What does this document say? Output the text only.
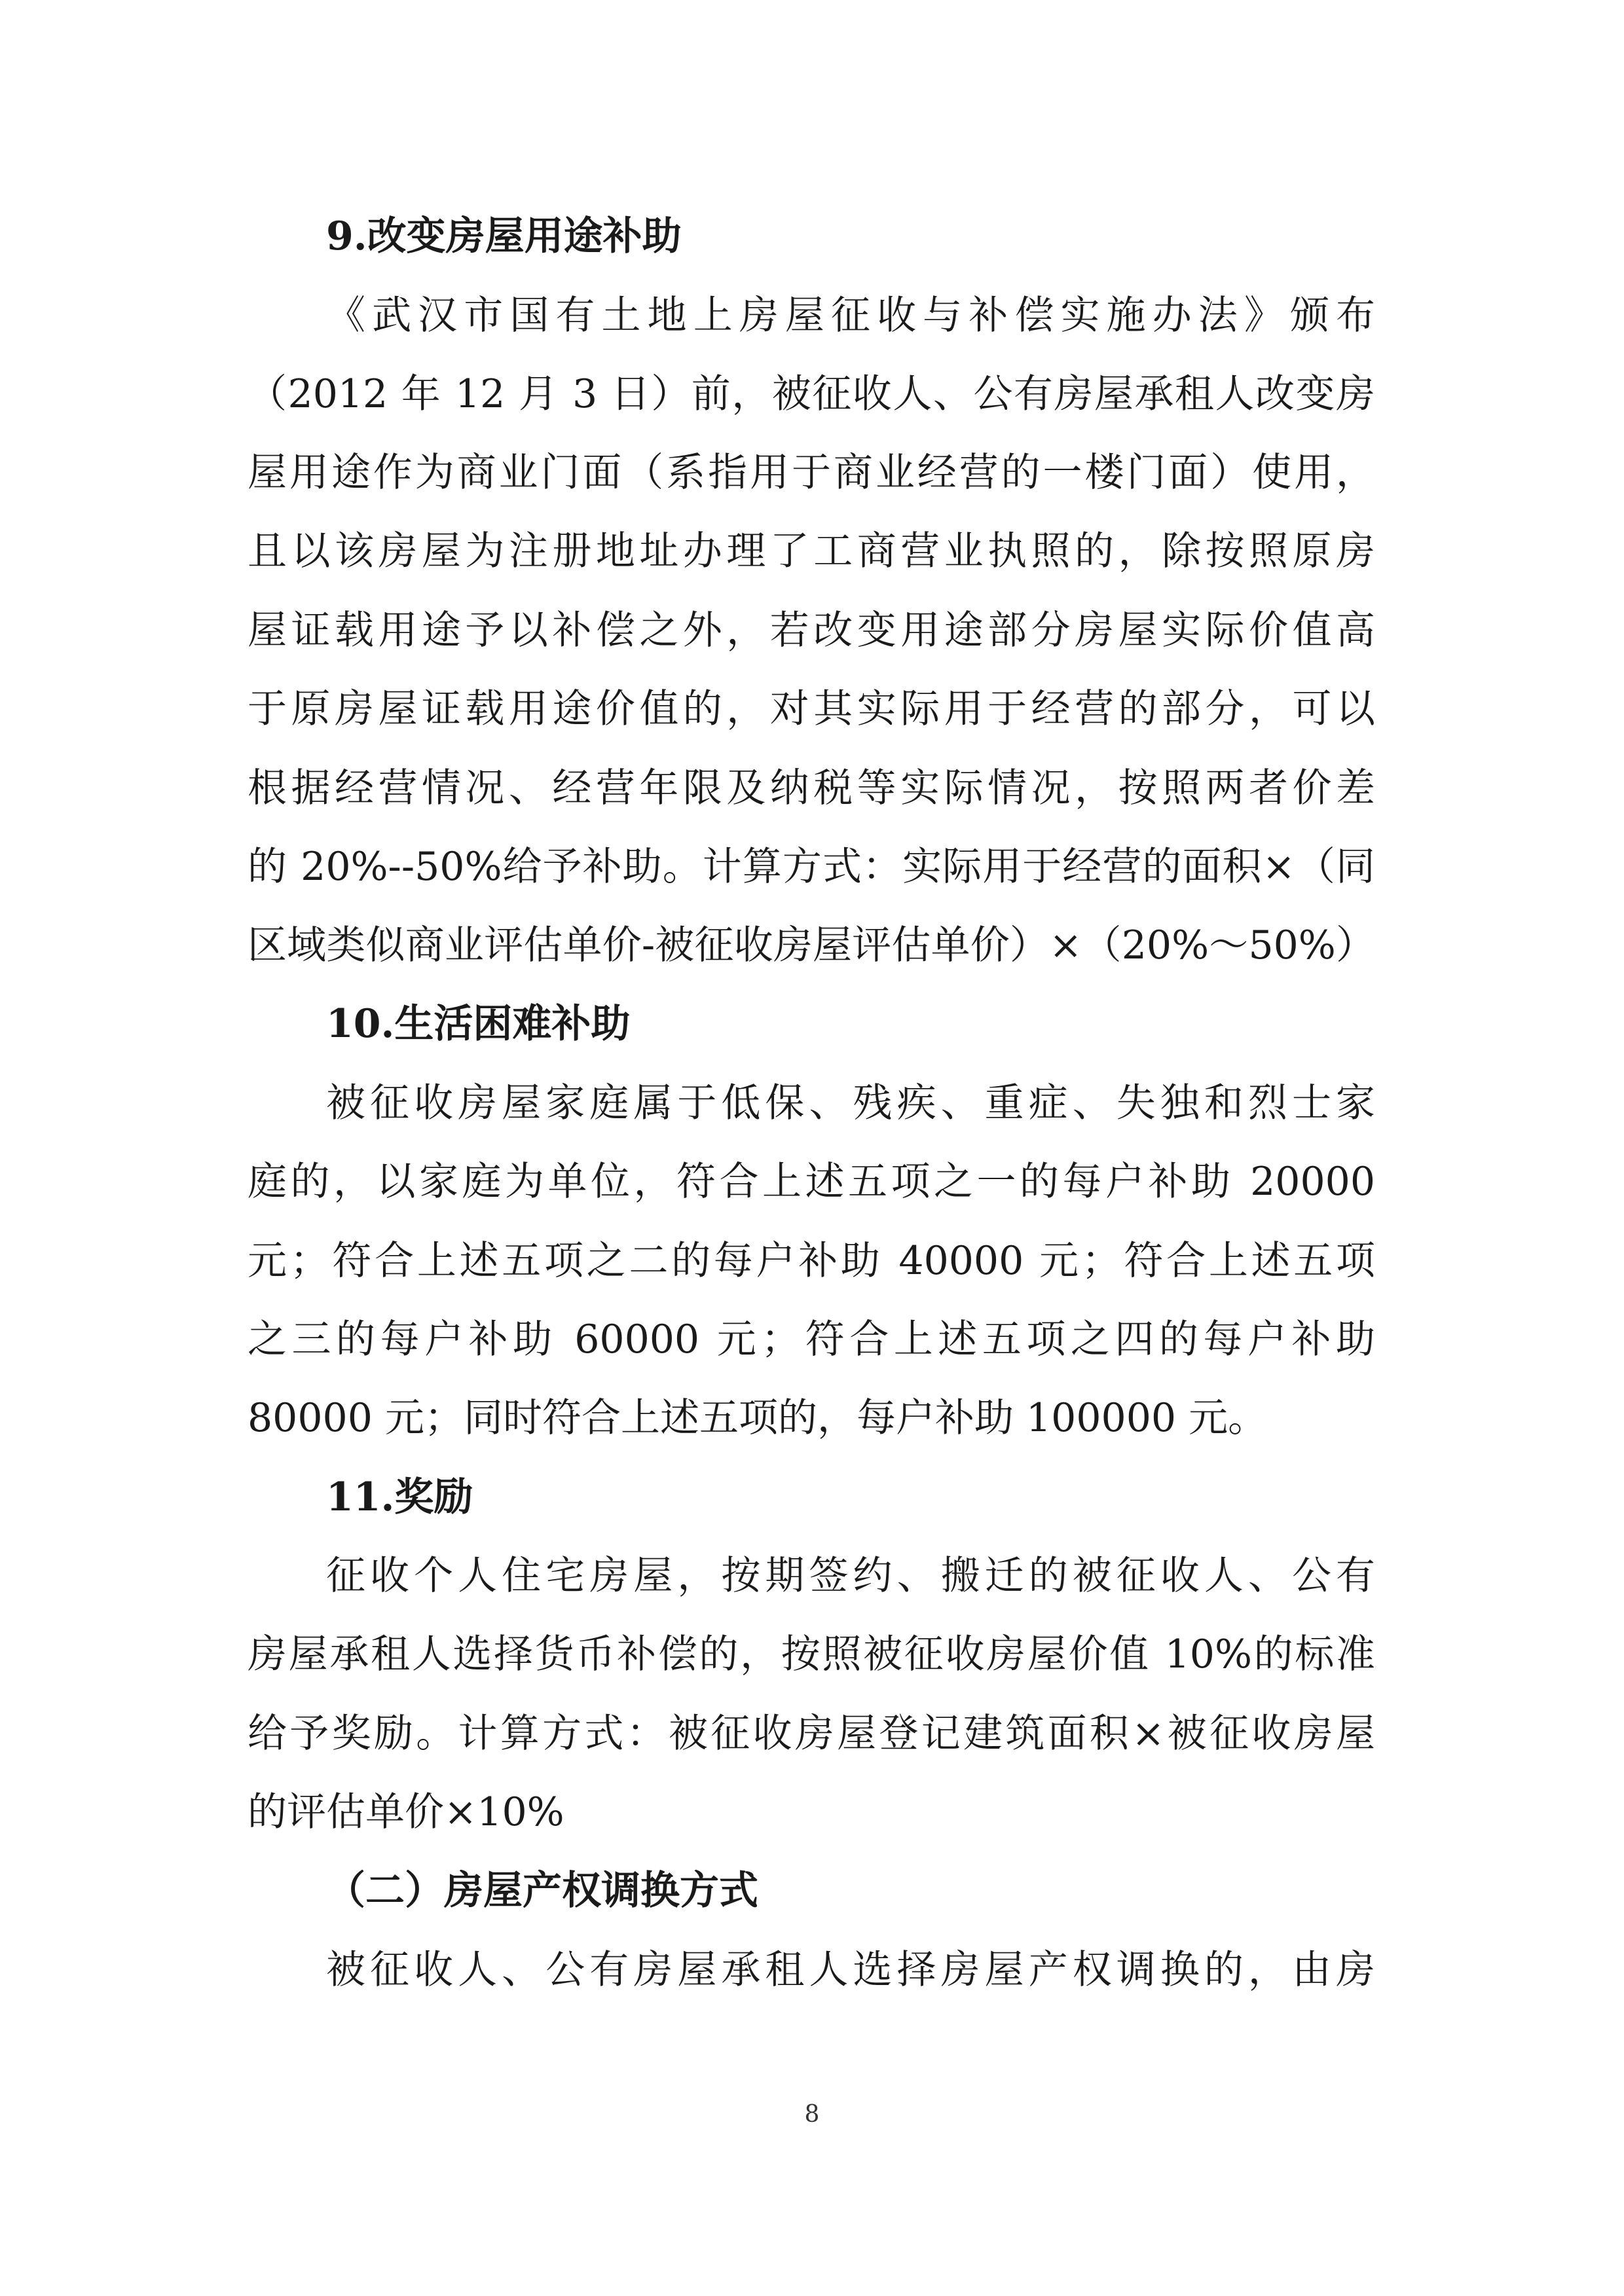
9.改变房屋用途补助

《武汉市国有土地上房屋征收与补偿实施办法》颁布

（2012 年 12 月 3 日）前，被征收人、公有房屋承租人改变房

屋用途作为商业门面（系指用于商业经营的一楼门面）使用，

且以该房屋为注册地址办理了工商营业执照的，除按照原房

屋证载用途予以补偿之外，若改变用途部分房屋实际价值高

于原房屋证载用途价值的，对其实际用于经营的部分，可以

根据经营情况、经营年限及纳税等实际情况，按照两者价差

的 20%--50%给予补助。计算方式：实际用于经营的面积×（同

区域类似商业评估单价-被征收房屋评估单价）×（20%～50%）

10.生活困难补助

被征收房屋家庭属于低保、残疾、重症、失独和烈士家

庭的，以家庭为单位，符合上述五项之一的每户补助 20000

元；符合上述五项之二的每户补助 40000 元；符合上述五项

之三的每户补助 60000 元；符合上述五项之四的每户补助

80000 元；同时符合上述五项的，每户补助 100000 元。

11.奖励

征收个人住宅房屋，按期签约、搬迁的被征收人、公有

房屋承租人选择货币补偿的，按照被征收房屋价值 10%的标准

给予奖励。计算方式：被征收房屋登记建筑面积×被征收房屋

的评估单价×10%

（二）房屋产权调换方式

被征收人、公有房屋承租人选择房屋产权调换的，由房

8
